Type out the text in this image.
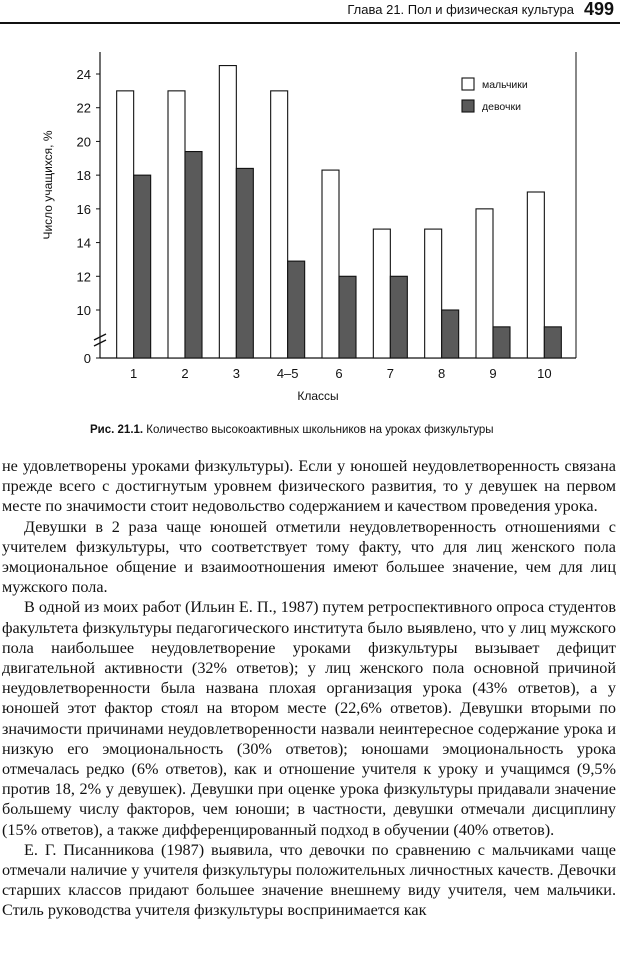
Глава 21. Пол и физическая культура 499
0
10
12
14
16
18
20
22
24
1	2	3	4–5	6	7	8	9	10
Классы
Число учащихся, %
мальчики
девочки
Рис. 21.1. Количество высокоактивных школьников на уроках физкультуры

не удовлетворены уроками физкультуры). Если у юношей неудовлетворенность связана прежде всего с достигнутым уровнем физического развития, то у девушек на первом месте по значимости стоит недовольство содержанием и качеством проведения урока.

Девушки в 2 раза чаще юношей отметили неудовлетворенность отношениями с учителем физкультуры, что соответствует тому факту, что для лиц женского пола эмоциональное общение и взаимоотношения имеют большее значение, чем для лиц мужского пола.

В одной из моих работ (Ильин Е. П., 1987) путем ретроспективного опроса студентов факультета физкультуры педагогического института было выявлено, что у лиц мужского пола наибольшее неудовлетворение уроками физкультуры вызывает дефицит двигательной активности (32% ответов); у лиц женского пола основной причиной неудовлетворенности была названа плохая организация урока (43% ответов), а у юношей этот фактор стоял на втором месте (22,6% ответов). Девушки вторыми по значимости причинами неудовлетворенности назвали неинтересное содержание урока и низкую его эмоциональность (30% ответов); юношами эмоциональность урока отмечалась редко (6% ответов), как и отношение учителя к уроку и учащимся (9,5% против 18, 2% у девушек). Девушки при оценке урока физкультуры придавали значение большему числу факторов, чем юноши; в частности, девушки отмечали дисциплину (15% ответов), а также дифференцированный подход в обучении (40% ответов).

Е. Г. Писанникова (1987) выявила, что девочки по сравнению с мальчиками чаще отмечали наличие у учителя физкультуры положительных личностных качеств. Девочки старших классов придают большее значение внешнему виду учителя, чем мальчики. Стиль руководства учителя физкультуры воспринимается как
